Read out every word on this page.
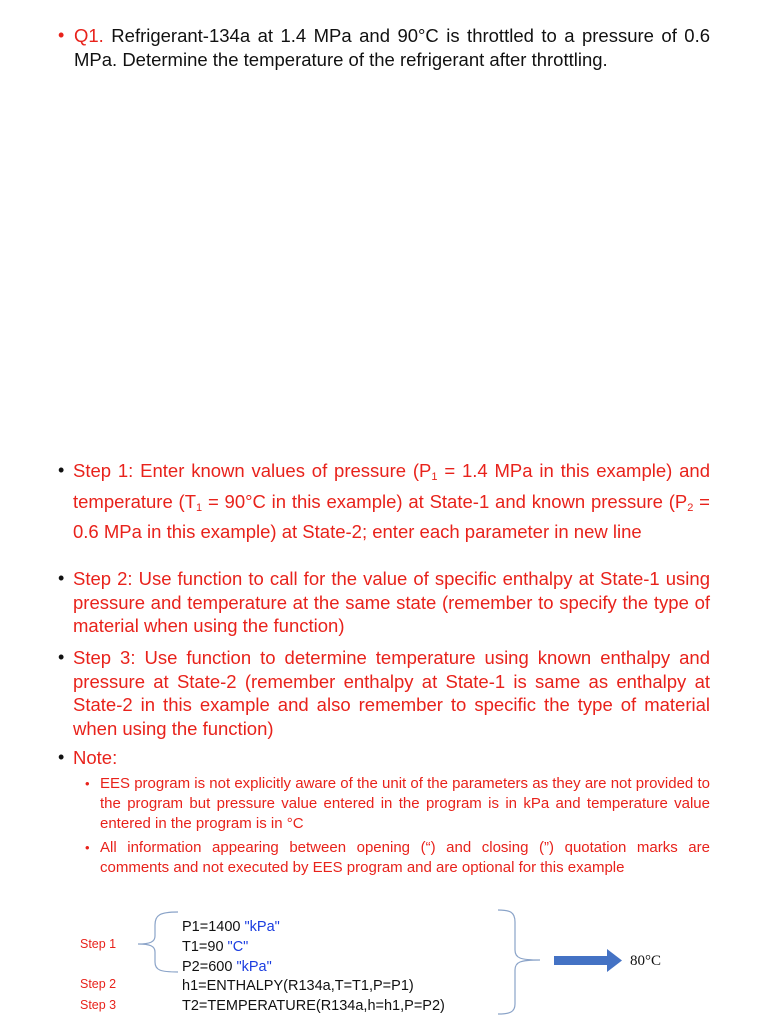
• Q1. Refrigerant-134a at 1.4 MPa and 90°C is throttled to a pressure of 0.6 MPa. Determine the temperature of the refrigerant after throttling.
• Step 1: Enter known values of pressure ($P_1 = 1.4$ MPa in this example) and temperature ($T_1 = 90^\circ C$ in this example) at State-1 and known pressure ($P_2 = 0.6$ MPa in this example) at State-2; enter each parameter in new line
• Step 2: Use function to call for the value of specific enthalpy at State-1 using pressure and temperature at the same state (remember to specify the type of material when using the function)
• Step 3: Use function to determine temperature using known enthalpy and pressure at State-2 (remember enthalpy at State-1 is same as enthalpy at State-2 in this example and also remember to specific the type of material when using the function)
• Note:
• EES program is not explicitly aware of the unit of the parameters as they are not provided to the program but pressure value entered in the program is in kPa and temperature value entered in the program is in °C
• All information appearing between opening (“) and closing (”) quotation marks are comments and not executed by EES program and are optional for this example
P1=1400 "kPa"
T1=90 "C"
P2=600 "kPa"
h1=ENTHALPY(R134a,T=T1,P=P1)
T2=TEMPERATURE(R134a,h=h1,P=P2)
Step 1
Step 2
Step 3
80°C
